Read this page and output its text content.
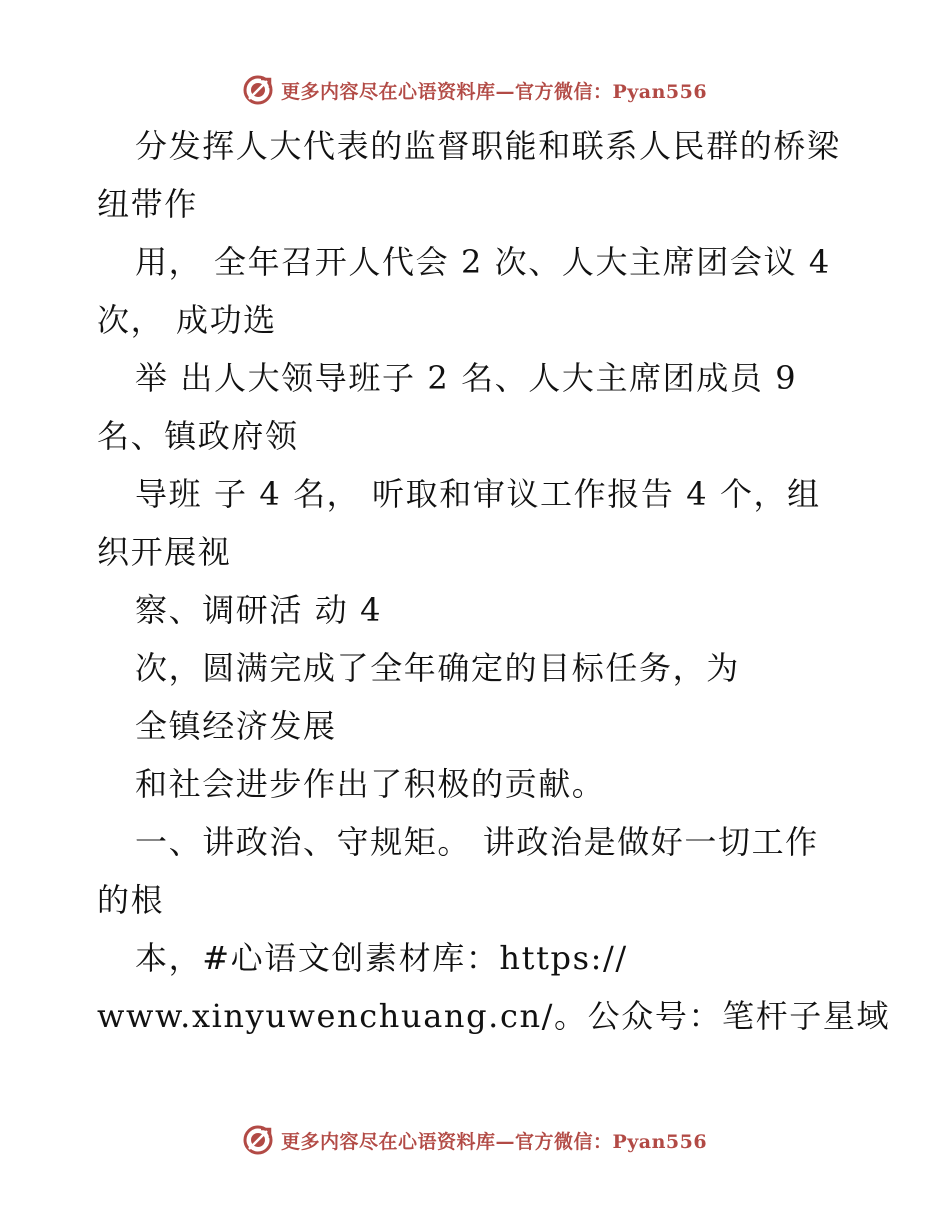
更多内容尽在心语资料库—官方微信：Pyan556
分发挥人大代表的监督职能和联系人民群的桥梁
纽带作
用， 全年召开人代会 2 次、人大主席团会议 4
次， 成功选
举 出人大领导班子 2 名、人大主席团成员 9
名、镇政府领
导班 子 4 名， 听取和审议工作报告 4 个，组
织开展视
察、调研活 动 4
次，圆满完成了全年确定的目标任务，为
全镇经济发展
和社会进步作出了积极的贡献。
一、讲政治、守规矩。 讲政治是做好一切工作
的根
本，#心语文创素材库：https://
www.xinyuwenchuang.cn/。公众号：笔杆子星域
更多内容尽在心语资料库—官方微信：Pyan556
